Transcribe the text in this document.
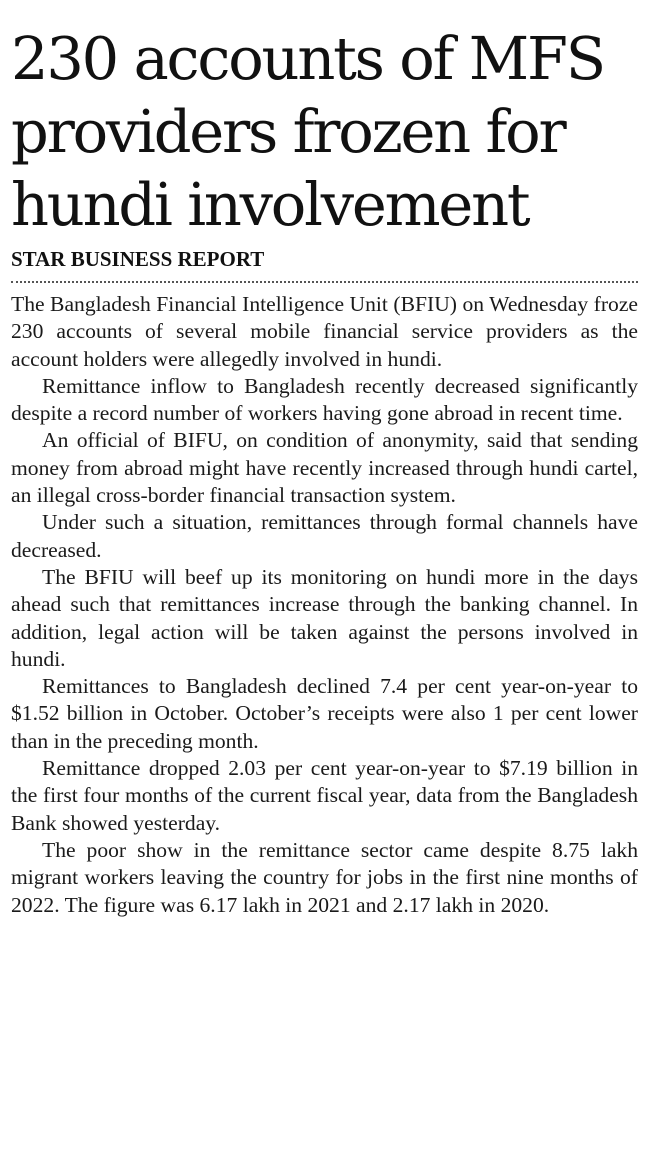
230 accounts of MFS providers frozen for hundi involvement
STAR BUSINESS REPORT

The Bangladesh Financial Intelligence Unit (BFIU) on Wednesday froze 230 accounts of several mobile financial service providers as the account holders were allegedly involved in hundi.

Remittance inflow to Bangladesh recently decreased significantly despite a record number of workers having gone abroad in recent time.

An official of BIFU, on condition of anonymity, said that sending money from abroad might have recently increased through hundi cartel, an illegal cross-border financial transaction system.

Under such a situation, remittances through formal channels have decreased.

The BFIU will beef up its monitoring on hundi more in the days ahead such that remittances increase through the banking channel. In addition, legal action will be taken against the persons involved in hundi.

Remittances to Bangladesh declined 7.4 per cent year-on-year to $1.52 billion in October. October’s receipts were also 1 per cent lower than in the preceding month.

Remittance dropped 2.03 per cent year-on-year to $7.19 billion in the first four months of the current fiscal year, data from the Bangladesh Bank showed yesterday.

The poor show in the remittance sector came despite 8.75 lakh migrant workers leaving the country for jobs in the first nine months of 2022. The figure was 6.17 lakh in 2021 and 2.17 lakh in 2020.
